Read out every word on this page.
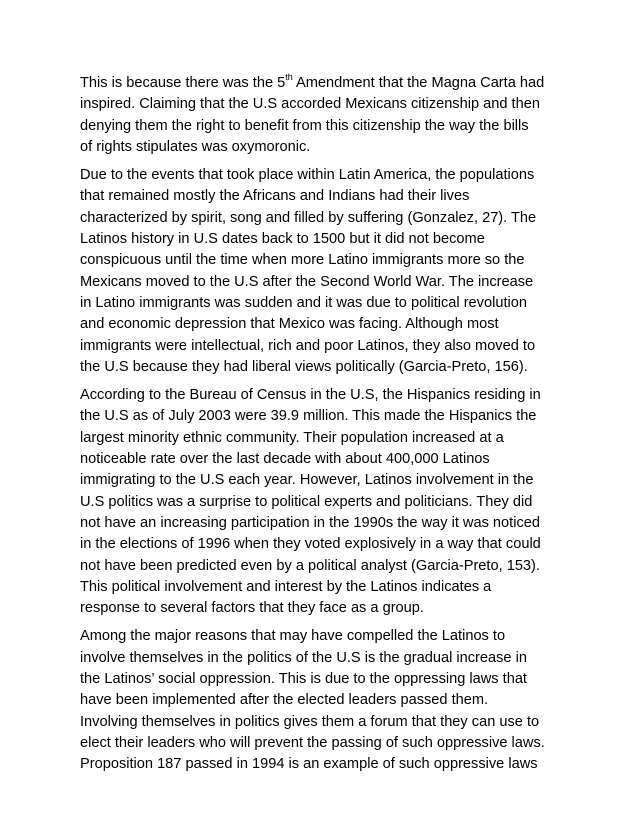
This is because there was the 5th Amendment that the Magna Carta had
inspired. Claiming that the U.S accorded Mexicans citizenship and then
denying them the right to benefit from this citizenship the way the bills
of rights stipulates was oxymoronic.

Due to the events that took place within Latin America, the populations
that remained mostly the Africans and Indians had their lives
characterized by spirit, song and filled by suffering (Gonzalez, 27). The
Latinos history in U.S dates back to 1500 but it did not become
conspicuous until the time when more Latino immigrants more so the
Mexicans moved to the U.S after the Second World War. The increase
in Latino immigrants was sudden and it was due to political revolution
and economic depression that Mexico was facing. Although most
immigrants were intellectual, rich and poor Latinos, they also moved to
the U.S because they had liberal views politically (Garcia-Preto, 156).

According to the Bureau of Census in the U.S, the Hispanics residing in
the U.S as of July 2003 were 39.9 million. This made the Hispanics the
largest minority ethnic community. Their population increased at a
noticeable rate over the last decade with about 400,000 Latinos
immigrating to the U.S each year. However, Latinos involvement in the
U.S politics was a surprise to political experts and politicians. They did
not have an increasing participation in the 1990s the way it was noticed
in the elections of 1996 when they voted explosively in a way that could
not have been predicted even by a political analyst (Garcia-Preto, 153).
This political involvement and interest by the Latinos indicates a
response to several factors that they face as a group.

Among the major reasons that may have compelled the Latinos to
involve themselves in the politics of the U.S is the gradual increase in
the Latinos’ social oppression. This is due to the oppressing laws that
have been implemented after the elected leaders passed them.
Involving themselves in politics gives them a forum that they can use to
elect their leaders who will prevent the passing of such oppressive laws.
Proposition 187 passed in 1994 is an example of such oppressive laws
